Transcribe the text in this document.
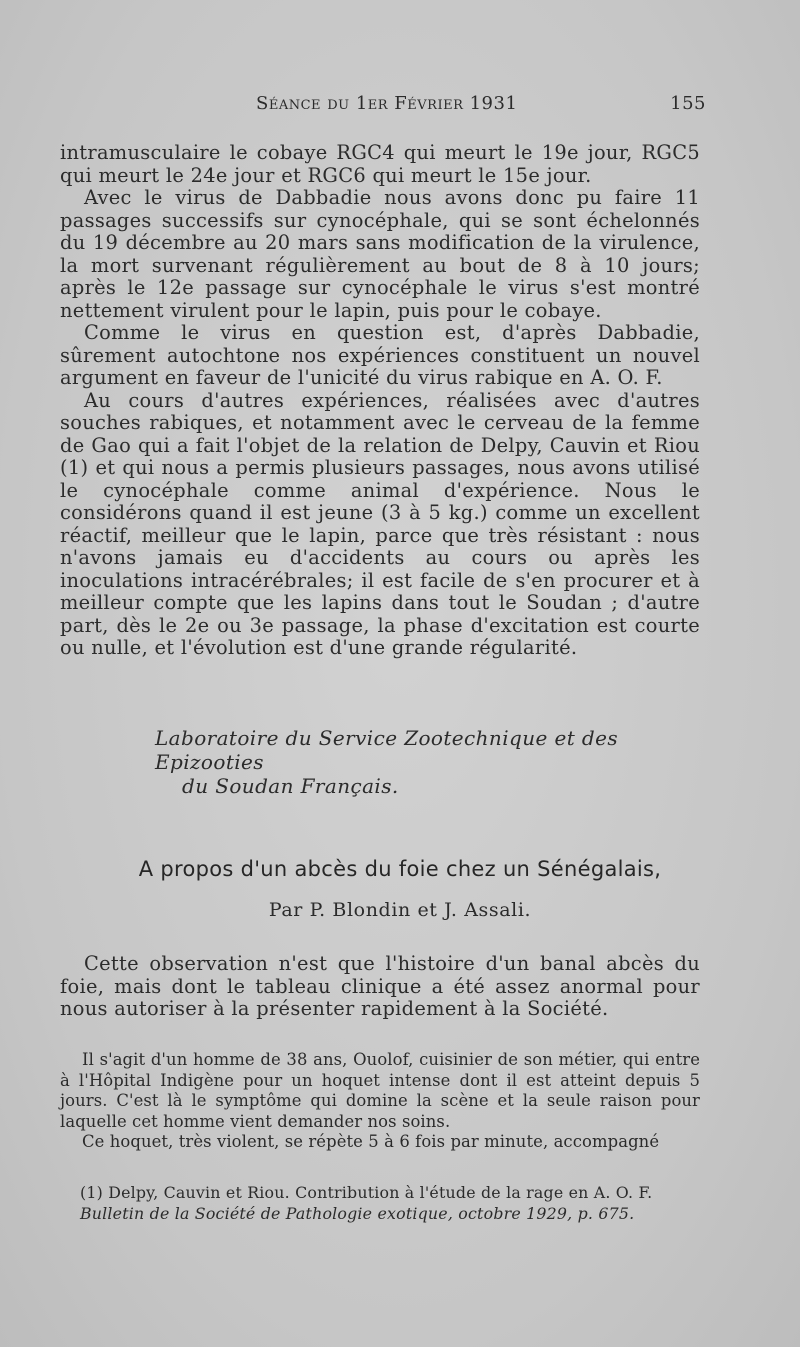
Séance du 1er Février 1931	155

intramusculaire le cobaye RGC4 qui meurt le 19e jour, RGC5 qui meurt le 24e jour et RGC6 qui meurt le 15e jour.

Avec le virus de Dabbadie nous avons donc pu faire 11 passages successifs sur cynocéphale, qui se sont échelonnés du 19 décembre au 20 mars sans modification de la virulence, la mort survenant régulièrement au bout de 8 à 10 jours; après le 12e passage sur cynocéphale le virus s'est montré nettement virulent pour le lapin, puis pour le cobaye.

Comme le virus en question est, d'après Dabbadie, sûrement autochtone nos expériences constituent un nouvel argument en faveur de l'unicité du virus rabique en A. O. F.

Au cours d'autres expériences, réalisées avec d'autres souches rabiques, et notamment avec le cerveau de la femme de Gao qui a fait l'objet de la relation de Delpy, Cauvin et Riou (1) et qui nous a permis plusieurs passages, nous avons utilisé le cynocéphale comme animal d'expérience. Nous le considérons quand il est jeune (3 à 5 kg.) comme un excellent réactif, meilleur que le lapin, parce que très résistant : nous n'avons jamais eu d'accidents au cours ou après les inoculations intracérébrales; il est facile de s'en procurer et à meilleur compte que les lapins dans tout le Soudan ; d'autre part, dès le 2e ou 3e passage, la phase d'excitation est courte ou nulle, et l'évolution est d'une grande régularité.

Laboratoire du Service Zootechnique et des Epizooties
du Soudan Français.
A propos d'un abcès du foie chez un Sénégalais,
Par P. Blondin et J. Assali.

Cette observation n'est que l'histoire d'un banal abcès du foie, mais dont le tableau clinique a été assez anormal pour nous autoriser à la présenter rapidement à la Société.

Il s'agit d'un homme de 38 ans, Ouolof, cuisinier de son métier, qui entre à l'Hôpital Indigène pour un hoquet intense dont il est atteint depuis 5 jours. C'est là le symptôme qui domine la scène et la seule raison pour laquelle cet homme vient demander nos soins.

Ce hoquet, très violent, se répète 5 à 6 fois par minute, accompagné

(1) Delpy, Cauvin et Riou. Contribution à l'étude de la rage en A. O. F.
Bulletin de la Société de Pathologie exotique, octobre 1929, p. 675.
